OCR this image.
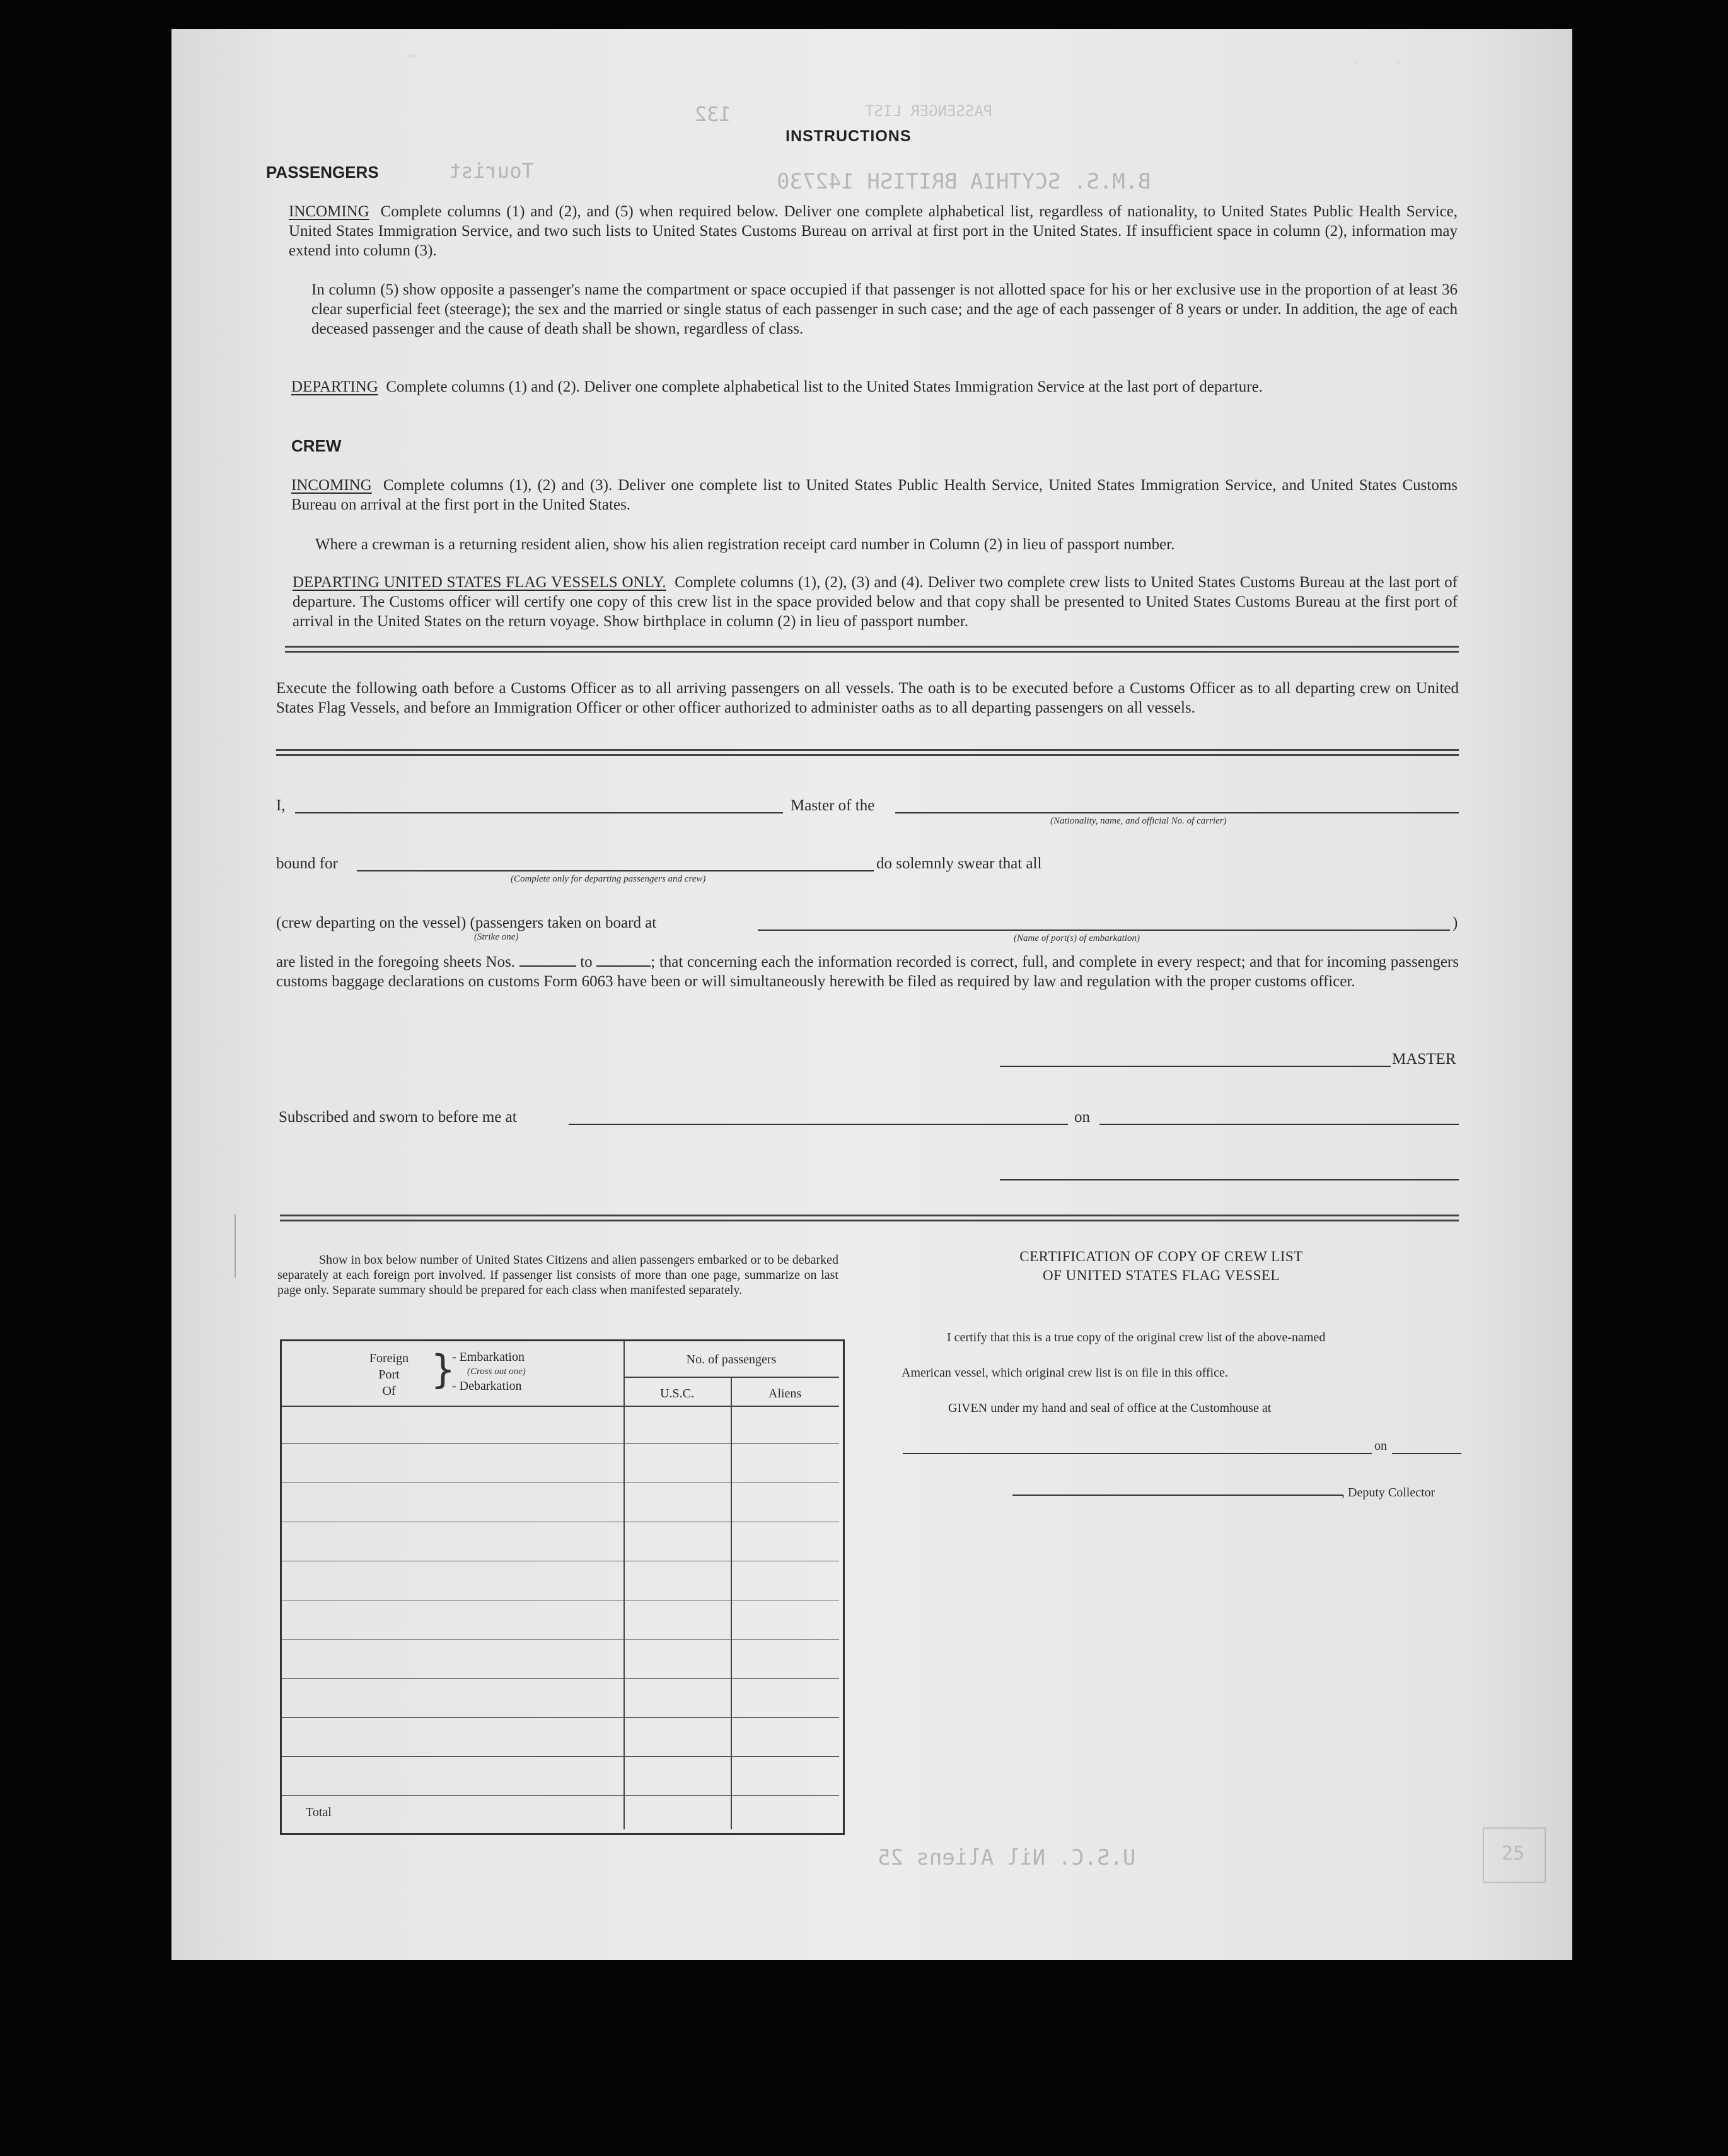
PASSENGER LIST
B.M.S. SCYTHIA BRITISH 142730
Tourist
132
U.S.C. Nil Aliens 25	25
INSTRUCTIONS
PASSENGERS
INCOMING Complete columns (1) and (2), and (5) when required below. Deliver one complete alphabetical list, regardless of nationality, to United States Public Health Service, United States Immigration Service, and two such lists to United States Customs Bureau on arrival at first port in the United States. If insufficient space in column (2), information may extend into column (3).
In column (5) show opposite a passenger's name the compartment or space occupied if that passenger is not allotted space for his or her exclusive use in the proportion of at least 36 clear superficial feet (steerage); the sex and the married or single status of each passenger in such case; and the age of each passenger of 8 years or under. In addition, the age of each deceased passenger and the cause of death shall be shown, regardless of class.
DEPARTING Complete columns (1) and (2). Deliver one complete alphabetical list to the United States Immigration Service at the last port of departure.
CREW
INCOMING Complete columns (1), (2) and (3). Deliver one complete list to United States Public Health Service, United States Immigration Service, and United States Customs Bureau on arrival at the first port in the United States.
Where a crewman is a returning resident alien, show his alien registration receipt card number in Column (2) in lieu of passport number.
DEPARTING UNITED STATES FLAG VESSELS ONLY. Complete columns (1), (2), (3) and (4). Deliver two complete crew lists to United States Customs Bureau at the last port of departure. The Customs officer will certify one copy of this crew list in the space provided below and that copy shall be presented to United States Customs Bureau at the first port of arrival in the United States on the return voyage. Show birthplace in column (2) in lieu of passport number.
Execute the following oath before a Customs Officer as to all arriving passengers on all vessels. The oath is to be executed before a Customs Officer as to all departing crew on United States Flag Vessels, and before an Immigration Officer or other officer authorized to administer oaths as to all departing passengers on all vessels.
I,	Master of the
(Nationality, name, and official No. of carrier)
bound for	do solemnly swear that all
(Complete only for departing passengers and crew)
(crew departing on the vessel) (passengers taken on board at	)
(Strike one)	(Name of port(s) of embarkation)
are listed in the foregoing sheets Nos.	to	; that concerning each the information recorded is correct, full, and complete in every respect; and that for incoming passengers customs baggage declarations on customs Form 6063 have been or will simultaneously herewith be filed as required by law and regulation with the proper customs officer.
MASTER
Subscribed and sworn to before me at	on
Show in box below number of United States Citizens and alien passengers embarked or to be debarked separately at each foreign port involved. If passenger list consists of more than one page, summarize on last page only. Separate summary should be prepared for each class when manifested separately.
Foreign
Port
Of }
- Embarkation
(Cross out one)
- Debarkation
No. of passengers
U.S.C.	Aliens
Total
CERTIFICATION OF COPY OF CREW LIST
OF UNITED STATES FLAG VESSEL
I certify that this is a true copy of the original crew list of the above-named
American vessel, which original crew list is on file in this office.
GIVEN under my hand and seal of office at the Customhouse at
on
, Deputy Collector
